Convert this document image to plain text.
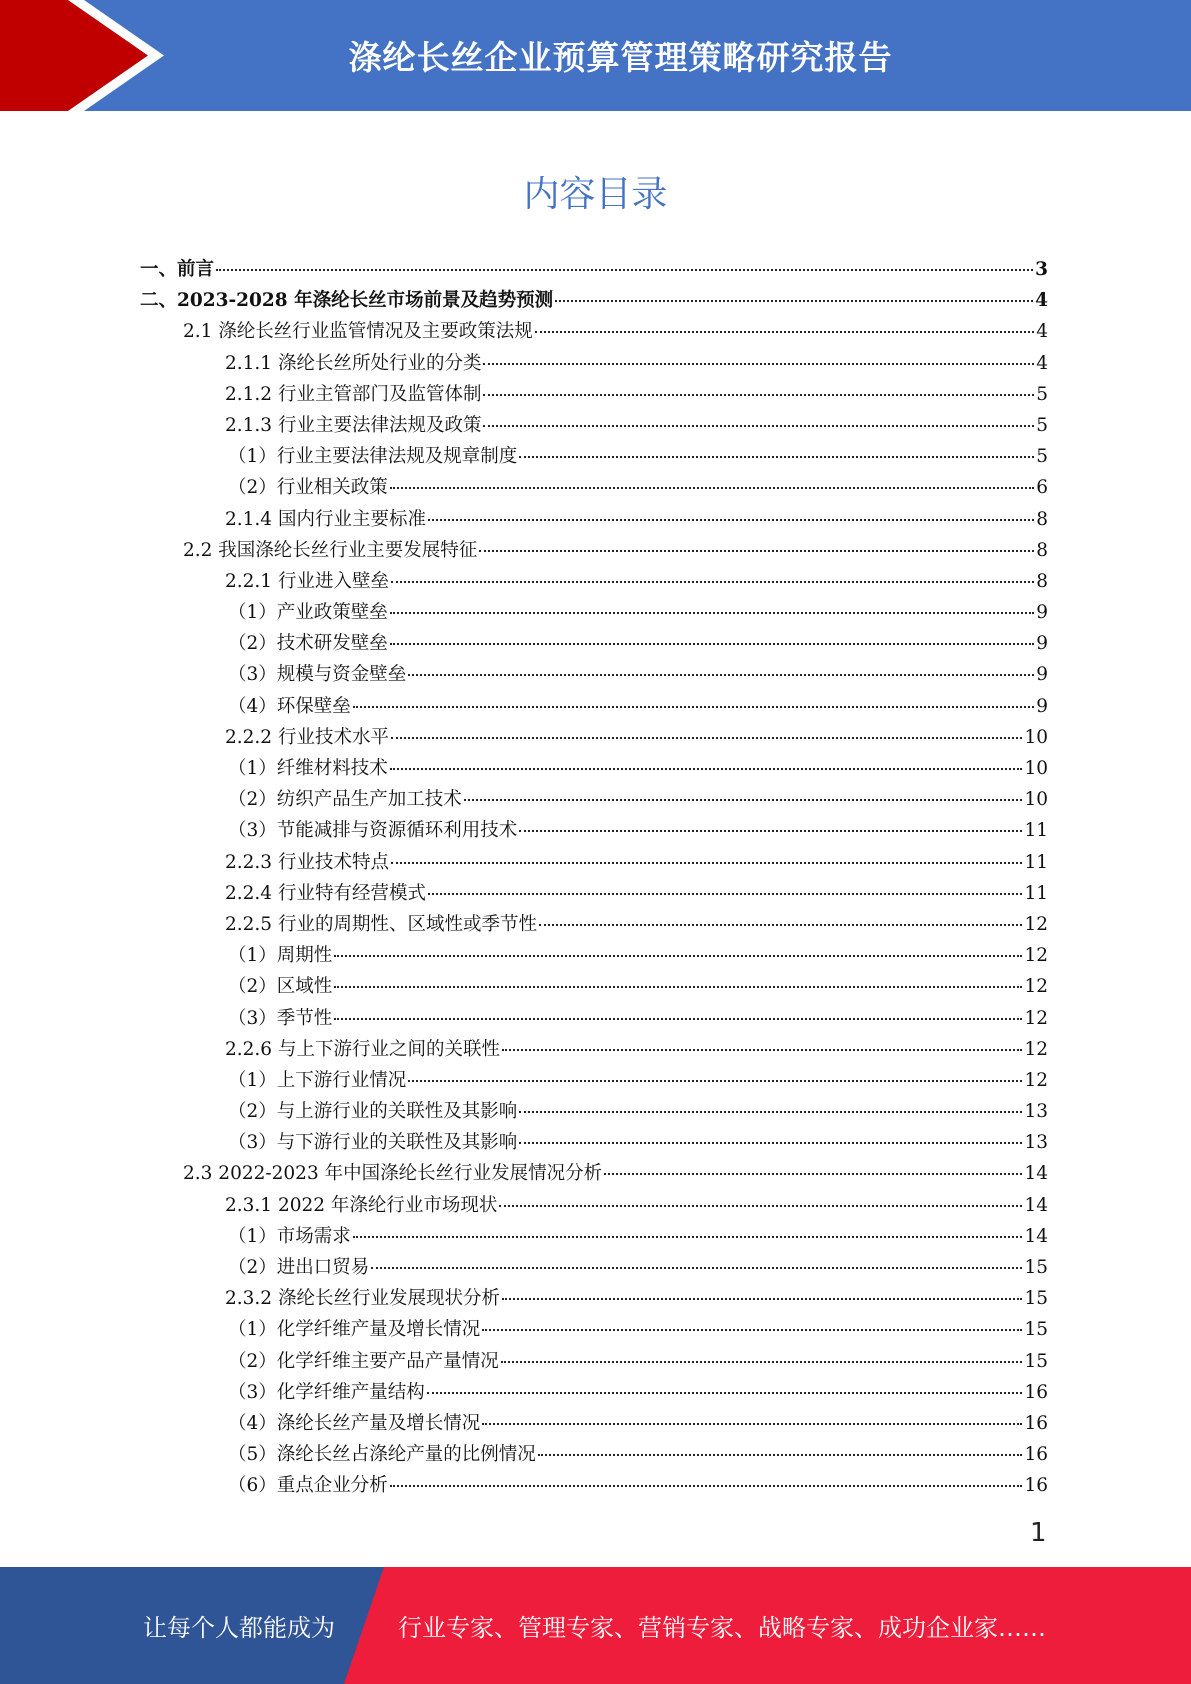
涤纶长丝企业预算管理策略研究报告
内容目录
一、前言	3
二、2023-2028 年涤纶长丝市场前景及趋势预测	4
2.1 涤纶长丝行业监管情况及主要政策法规	4
2.1.1 涤纶长丝所处行业的分类	4
2.1.2 行业主管部门及监管体制	5
2.1.3 行业主要法律法规及政策	5
（1）行业主要法律法规及规章制度	5
（2）行业相关政策	6
2.1.4 国内行业主要标准	8
2.2 我国涤纶长丝行业主要发展特征	8
2.2.1 行业进入壁垒	8
（1）产业政策壁垒	9
（2）技术研发壁垒	9
（3）规模与资金壁垒	9
（4）环保壁垒	9
2.2.2 行业技术水平	10
（1）纤维材料技术	10
（2）纺织产品生产加工技术	10
（3）节能减排与资源循环利用技术	11
2.2.3 行业技术特点	11
2.2.4 行业特有经营模式	11
2.2.5 行业的周期性、区域性或季节性	12
（1）周期性	12
（2）区域性	12
（3）季节性	12
2.2.6 与上下游行业之间的关联性	12
（1）上下游行业情况	12
（2）与上游行业的关联性及其影响	13
（3）与下游行业的关联性及其影响	13
2.3 2022-2023 年中国涤纶长丝行业发展情况分析	14
2.3.1 2022 年涤纶行业市场现状	14
（1）市场需求	14
（2）进出口贸易	15
2.3.2 涤纶长丝行业发展现状分析	15
（1）化学纤维产量及增长情况	15
（2）化学纤维主要产品产量情况	15
（3）化学纤维产量结构	16
（4）涤纶长丝产量及增长情况	16
（5）涤纶长丝占涤纶产量的比例情况	16
（6）重点企业分析	16
1
让每个人都能成为	行业专家、管理专家、营销专家、战略专家、成功企业家……
